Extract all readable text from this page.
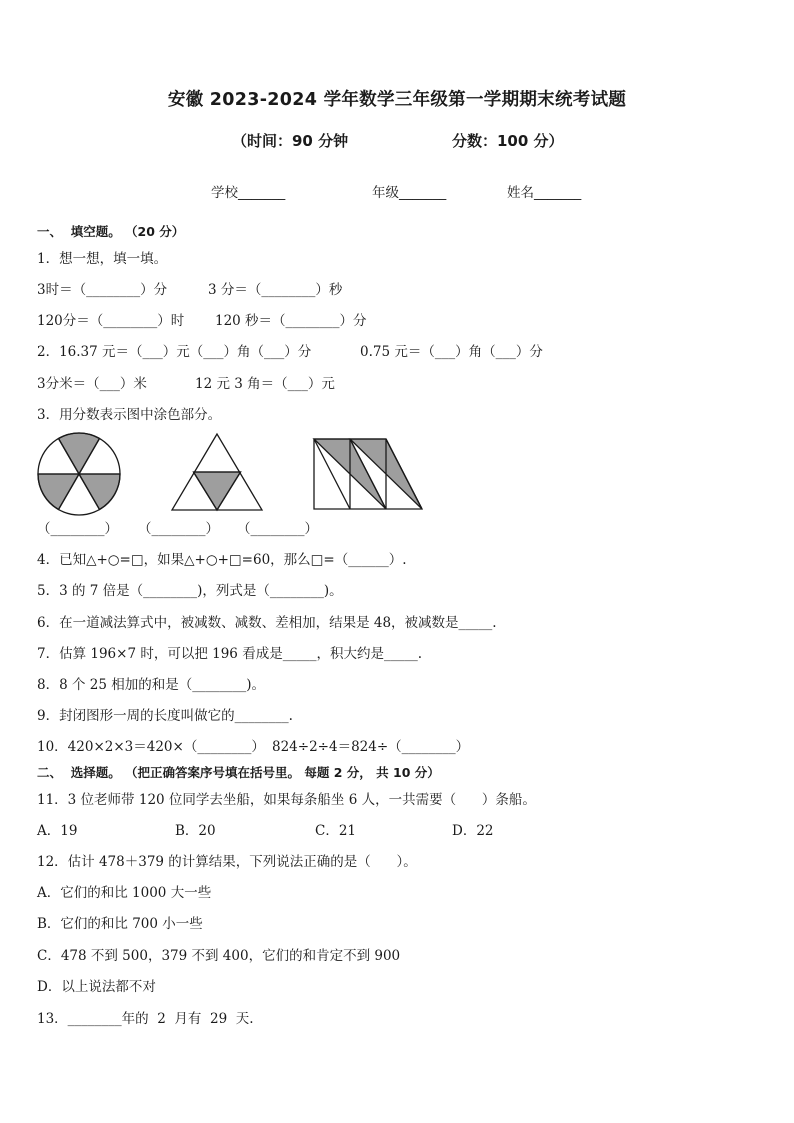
安徽 2023-2024 学年数学三年级第一学期期末统考试题
（时间：90 分钟	分数：100 分）
学校_______	年级_______	姓名_______
一、  填空题。 （20 分）
1．想一想，填一填。
3时＝（________）分	3 分＝（________）秒
120分＝（________）时 120 秒＝（________）分
2．16.37 元＝（___）元（___）角（___）分	0.75 元＝（___）角（___）分
3分米＝（___）米	12 元 3 角＝（___）元
3．用分数表示图中涂色部分。
（________） （________） （________）
4．已知△+○=□，如果△+○+□=60，那么□=（______）.
5．3 的 7 倍是（________)，列式是（________)。
6．在一道减法算式中，被减数、减数、差相加，结果是 48，被减数是_____.
7．估算 196×7 时，可以把 196 看成是_____，积大约是_____.
8．8 个 25 相加的和是（________)。
9．封闭图形一周的长度叫做它的________.
10．420×2×3＝420×（________） 824÷2÷4＝824÷（________）
二、  选择题。 （把正确答案序号填在括号里。 每题 2 分， 共 10 分）
11．3 位老师带 120 位同学去坐船，如果每条船坐 6 人，一共需要（      ）条船。
A．19	B．20	C．21	D．22
12．估计 478＋379 的计算结果，下列说法正确的是（      ）。
A．它们的和比 1000 大一些
B．它们的和比 700 小一些
C．478 不到 500，379 不到 400，它们的和肯定不到 900
D．以上说法都不对
13．________年的  2  月有  29  天.
